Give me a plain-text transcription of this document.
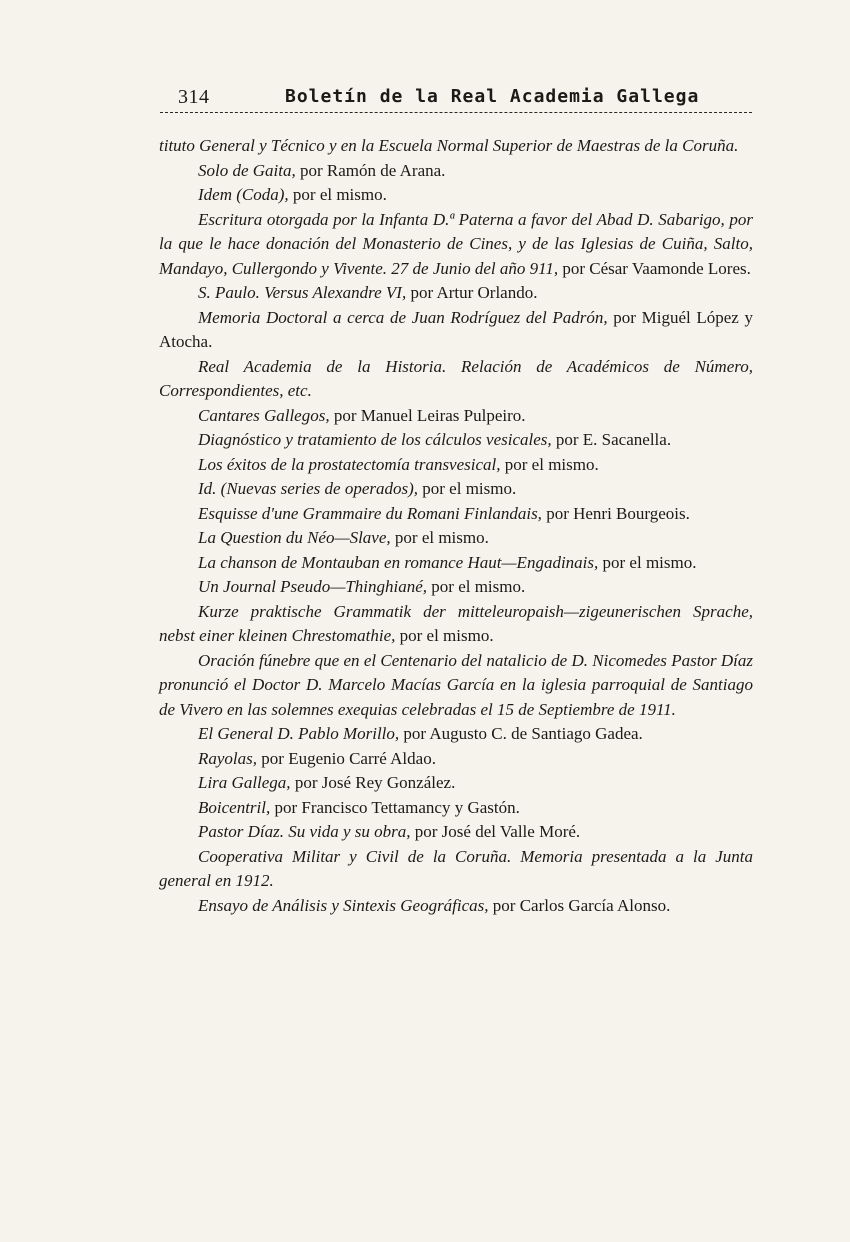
314	Boletín de la Real Academia Gallega

tituto General y Técnico y en la Escuela Normal Superior de Maestras de la Coruña.

Solo de Gaita, por Ramón de Arana.

Idem (Coda), por el mismo.

Escritura otorgada por la Infanta D.ª Paterna a favor del Abad D. Sabarigo, por la que le hace donación del Monasterio de Cines, y de las Iglesias de Cuiña, Salto, Mandayo, Cullergondo y Vivente. 27 de Junio del año 911, por César Vaamonde Lores.

S. Paulo. Versus Alexandre VI, por Artur Orlando.

Memoria Doctoral a cerca de Juan Rodríguez del Padrón, por Miguél López y Atocha.

Real Academia de la Historia. Relación de Académicos de Número, Correspondientes, etc.

Cantares Gallegos, por Manuel Leiras Pulpeiro.

Diagnóstico y tratamiento de los cálculos vesicales, por E. Sacanella.

Los éxitos de la prostatectomía transvesical, por el mismo.

Id. (Nuevas series de operados), por el mismo.

Esquisse d'une Grammaire du Romani Finlandais, por Henri Bourgeois.

La Question du Néo—Slave, por el mismo.

La chanson de Montauban en romance Haut—Engadinais, por el mismo.

Un Journal Pseudo—Thinghiané, por el mismo.

Kurze praktische Grammatik der mitteleuropaish—zigeunerischen Sprache, nebst einer kleinen Chrestomathie, por el mismo.

Oración fúnebre que en el Centenario del natalicio de D. Nicomedes Pastor Díaz pronunció el Doctor D. Marcelo Macías García en la iglesia parroquial de Santiago de Vivero en las solemnes exequias celebradas el 15 de Septiembre de 1911.

El General D. Pablo Morillo, por Augusto C. de Santiago Gadea.

Rayolas, por Eugenio Carré Aldao.

Lira Gallega, por José Rey González.

Boicentril, por Francisco Tettamancy y Gastón.

Pastor Díaz. Su vida y su obra, por José del Valle Moré.

Cooperativa Militar y Civil de la Coruña. Memoria presentada a la Junta general en 1912.

Ensayo de Análisis y Sintexis Geográficas, por Carlos García Alonso.
